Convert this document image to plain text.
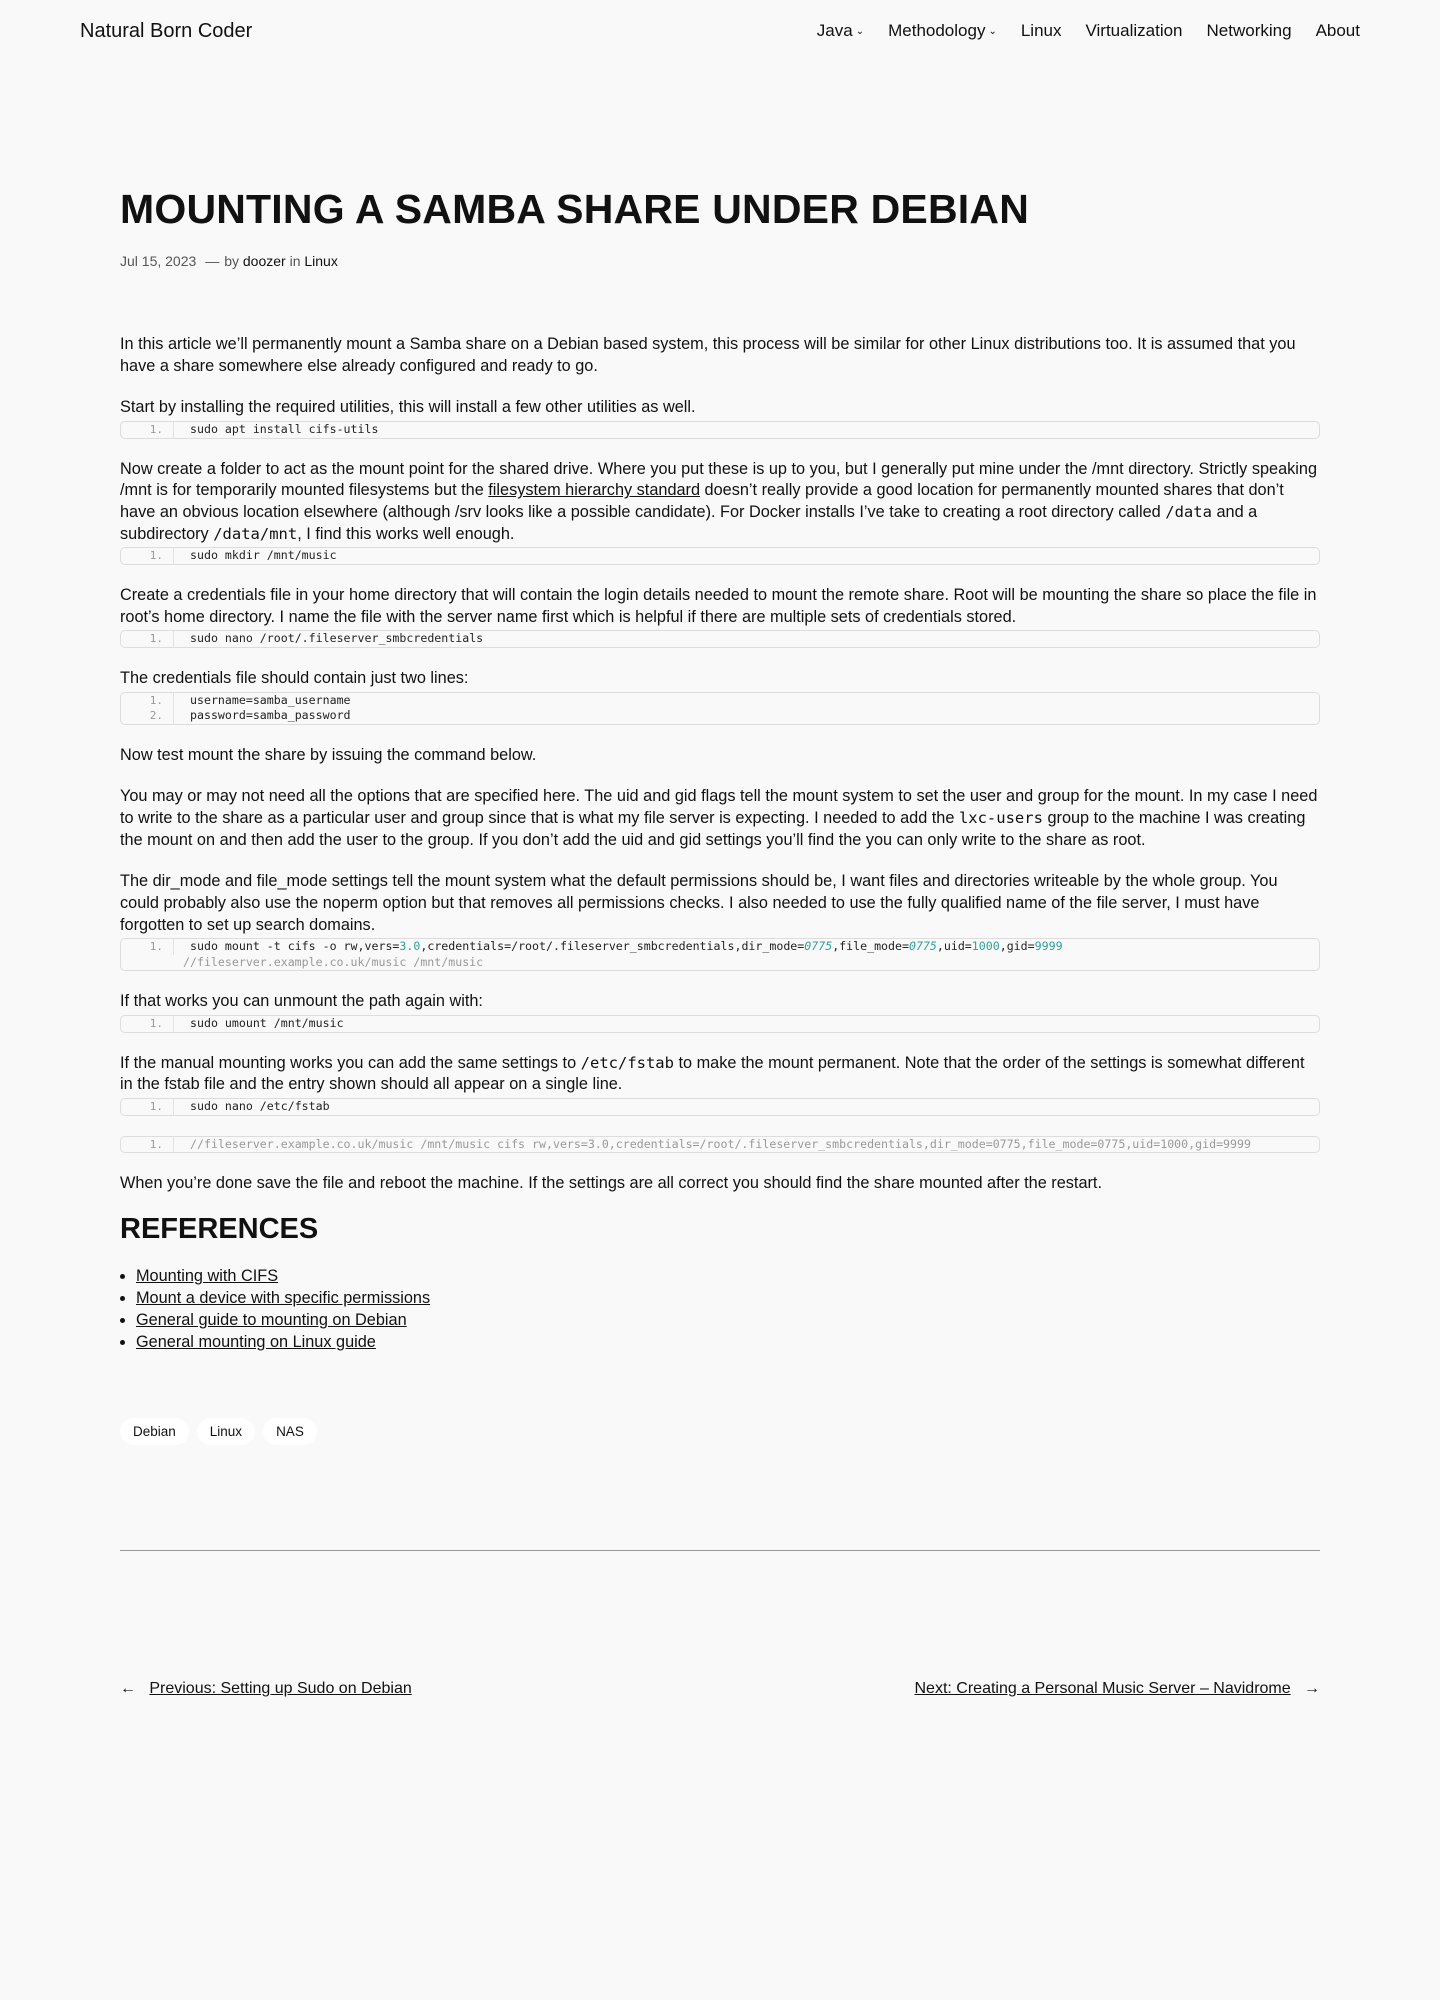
Natural Born Coder	Java ⌄ Methodology ⌄ Linux Virtualization Networking About
MOUNTING A SAMBA SHARE UNDER DEBIAN
Jul 15, 2023 — by doozer in Linux

In this article we’ll permanently mount a Samba share on a Debian based system, this process will be similar for other Linux distributions too. It is assumed that you have a share somewhere else already configured and ready to go.

Start by installing the required utilities, this will install a few other utilities as well.

1.	sudo apt install cifs-utils

Now create a folder to act as the mount point for the shared drive. Where you put these is up to you, but I generally put mine under the /mnt directory. Strictly speaking /mnt is for temporarily mounted filesystems but the filesystem hierarchy standard doesn’t really provide a good location for permanently mounted shares that don’t have an obvious location elsewhere (although /srv looks like a possible candidate). For Docker installs I’ve take to creating a root directory called /data and a subdirectory /data/mnt, I find this works well enough.

1.	sudo mkdir /mnt/music

Create a credentials file in your home directory that will contain the login details needed to mount the remote share. Root will be mounting the share so place the file in root’s home directory. I name the file with the server name first which is helpful if there are multiple sets of credentials stored.

1.	sudo nano /root/.fileserver_smbcredentials

The credentials file should contain just two lines:

1.	username=samba_username
2.	password=samba_password

Now test mount the share by issuing the command below.

You may or may not need all the options that are specified here. The uid and gid flags tell the mount system to set the user and group for the mount. In my case I need to write to the share as a particular user and group since that is what my file server is expecting. I needed to add the lxc-users group to the machine I was creating the mount on and then add the user to the group. If you don’t add the uid and gid settings you’ll find the you can only write to the share as root.

The dir_mode and file_mode settings tell the mount system what the default permissions should be, I want files and directories writeable by the whole group. You could probably also use the noperm option but that removes all permissions checks. I also needed to use the fully qualified name of the file server, I must have forgotten to set up search domains.

1.	sudo mount -t cifs -o rw,vers=3.0,credentials=/root/.fileserver_smbcredentials,dir_mode=0775,file_mode=0775,uid=1000,gid=9999
//fileserver.example.co.uk/music /mnt/music

If that works you can unmount the path again with:

1.	sudo umount /mnt/music

If the manual mounting works you can add the same settings to /etc/fstab to make the mount permanent. Note that the order of the settings is somewhat different in the fstab file and the entry shown should all appear on a single line.

1.	sudo nano /etc/fstab
1.	//fileserver.example.co.uk/music /mnt/music cifs rw,vers=3.0,credentials=/root/.fileserver_smbcredentials,dir_mode=0775,file_mode=0775,uid=1000,gid=9999

When you’re done save the file and reboot the machine. If the settings are all correct you should find the share mounted after the restart.

REFERENCES
• Mounting with CIFS
• Mount a device with specific permissions
• General guide to mounting on Debian
• General mounting on Linux guide
Debian	Linux	NAS
← Previous: Setting up Sudo on Debian	Next: Creating a Personal Music Server – Navidrome →
